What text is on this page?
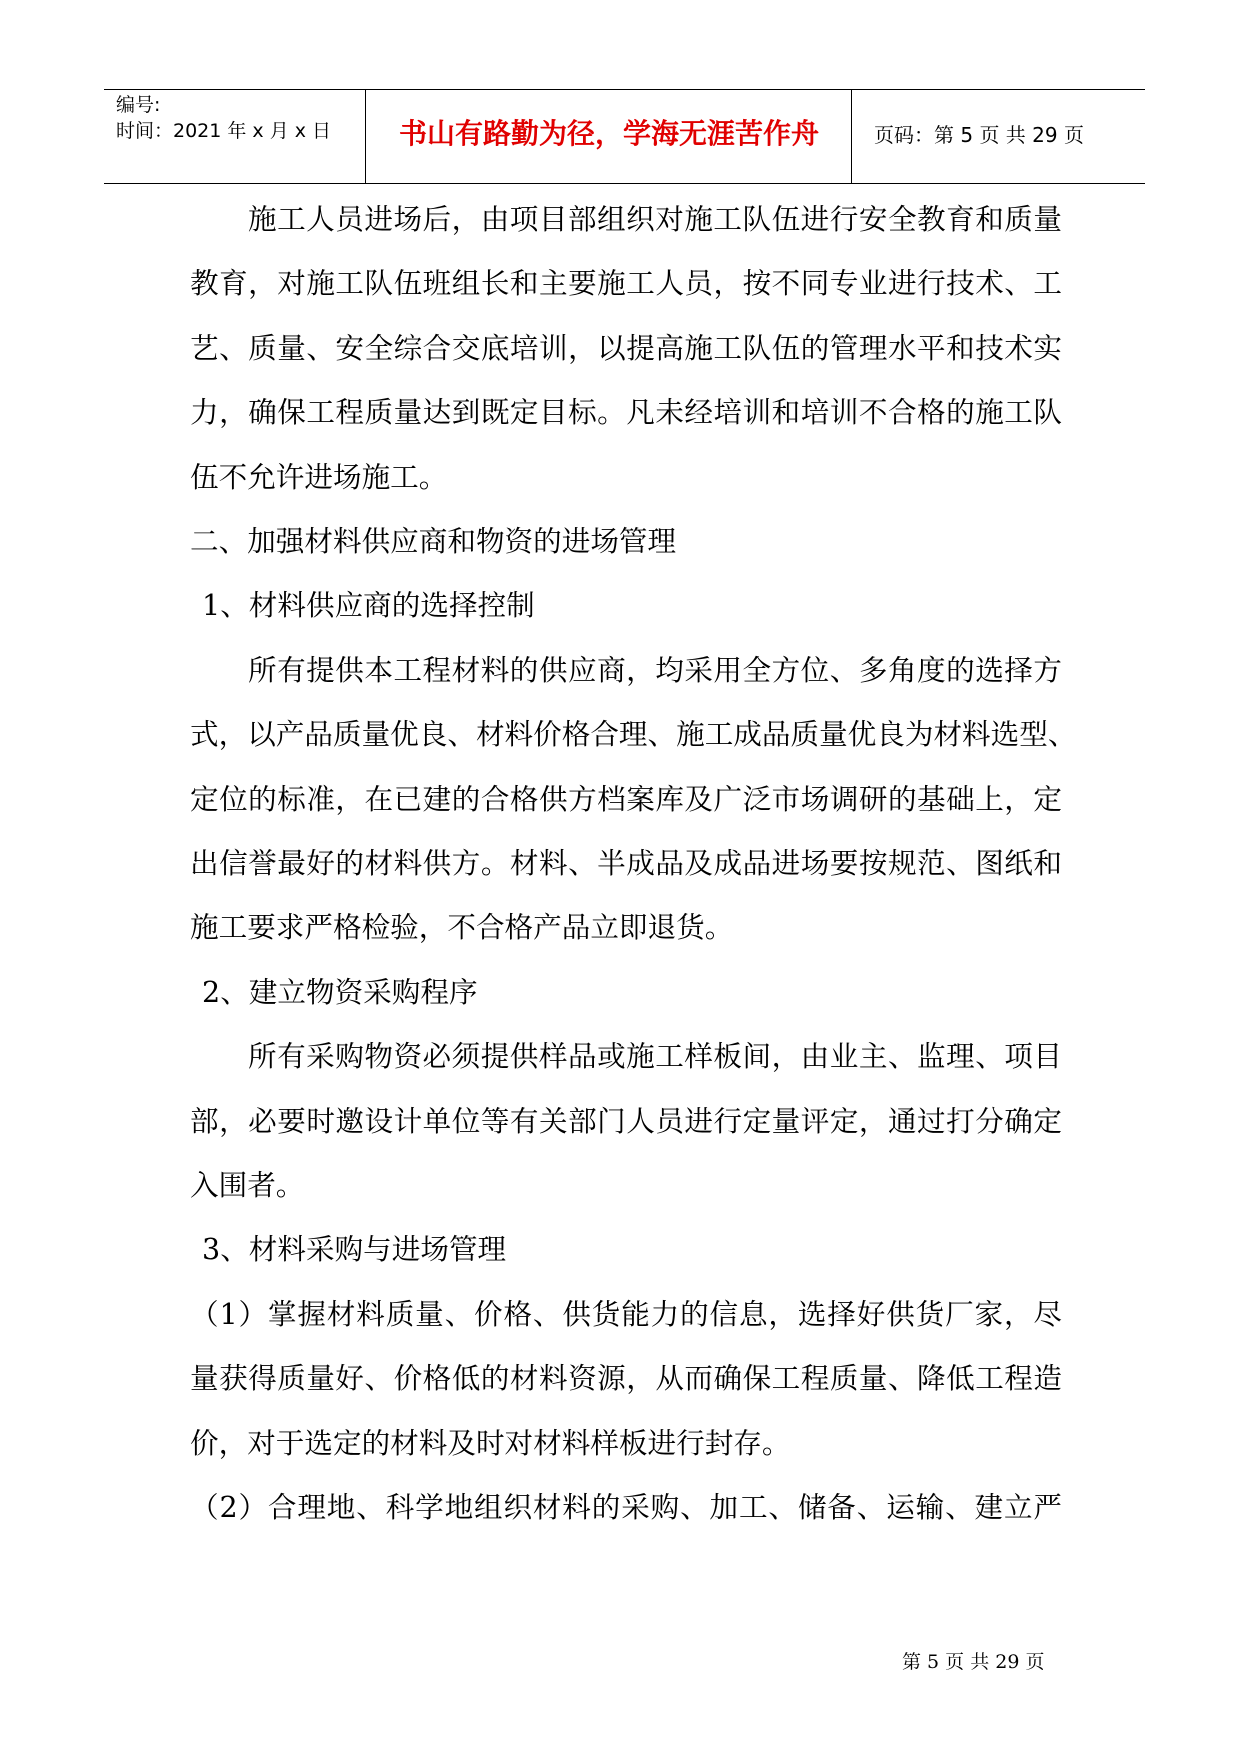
编号:
时间：2021 年 x 月 x 日	书山有路勤为径，学海无涯苦作舟	页码：第 5 页 共 29 页
施工人员进场后，由项目部组织对施工队伍进行安全教育和质量
教育，对施工队伍班组长和主要施工人员，按不同专业进行技术、工
艺、质量、安全综合交底培训，以提高施工队伍的管理水平和技术实
力，确保工程质量达到既定目标。凡未经培训和培训不合格的施工队
伍不允许进场施工。
二、加强材料供应商和物资的进场管理
1、材料供应商的选择控制
所有提供本工程材料的供应商，均采用全方位、多角度的选择方
式，以产品质量优良、材料价格合理、施工成品质量优良为材料选型、
定位的标准，在已建的合格供方档案库及广泛市场调研的基础上，定
出信誉最好的材料供方。材料、半成品及成品进场要按规范、图纸和
施工要求严格检验，不合格产品立即退货。
2、建立物资采购程序
所有采购物资必须提供样品或施工样板间，由业主、监理、项目
部，必要时邀设计单位等有关部门人员进行定量评定，通过打分确定
入围者。
3、材料采购与进场管理
（1）掌握材料质量、价格、供货能力的信息，选择好供货厂家，尽
量获得质量好、价格低的材料资源，从而确保工程质量、降低工程造
价，对于选定的材料及时对材料样板进行封存。
（2）合理地、科学地组织材料的采购、加工、储备、运输、建立严
第 5 页 共 29 页
